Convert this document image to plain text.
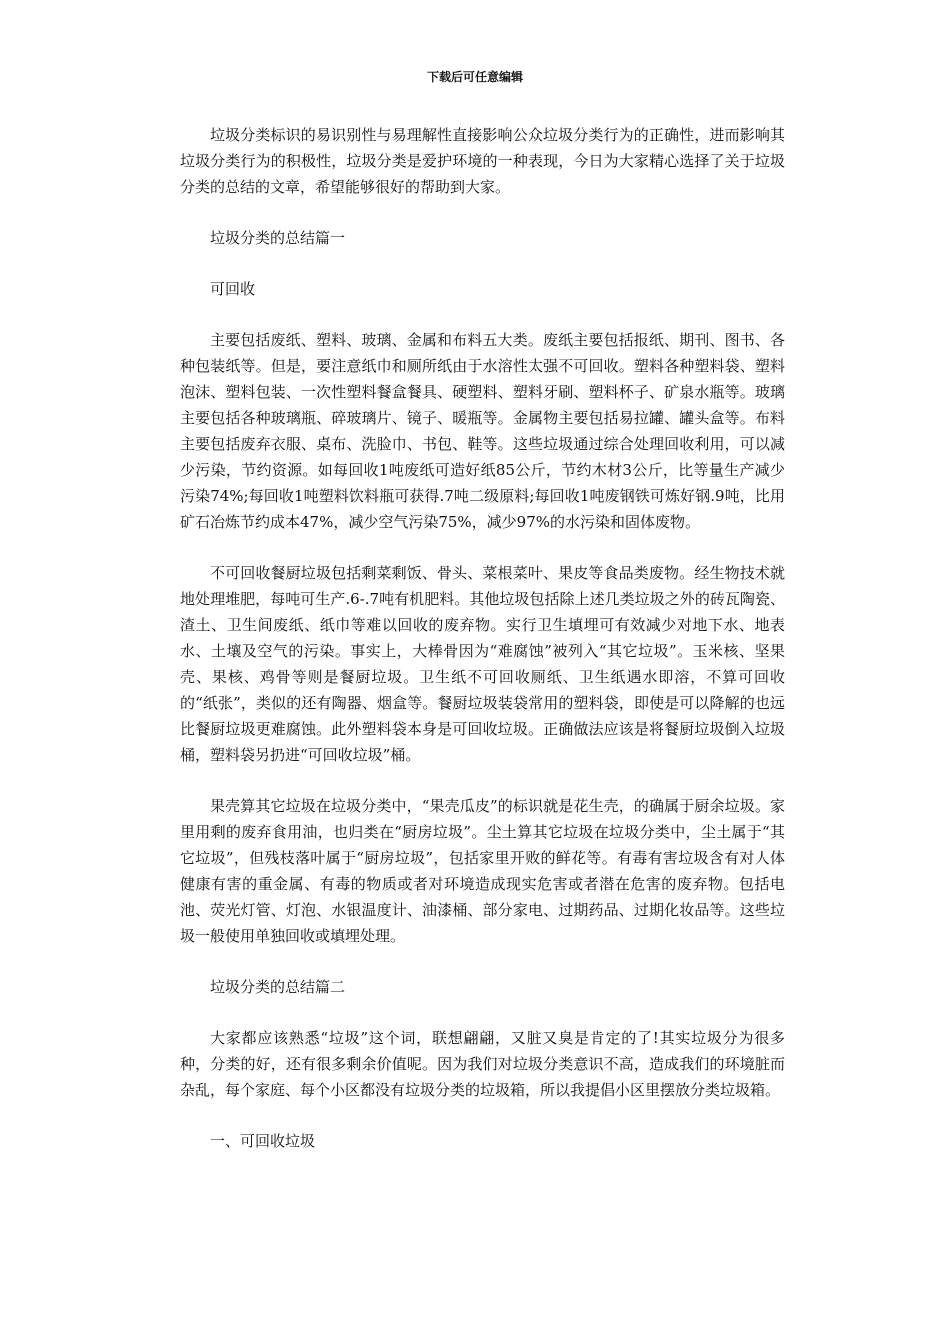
下载后可任意编辑

垃圾分类标识的易识别性与易理解性直接影响公众垃圾分类行为的正确性，进而影响其垃圾分类行为的积极性，垃圾分类是爱护环境的一种表现，今日为大家精心选择了关于垃圾分类的总结的文章，希望能够很好的帮助到大家。

垃圾分类的总结篇一

可回收

主要包括废纸、塑料、玻璃、金属和布料五大类。废纸主要包括报纸、期刊、图书、各种包装纸等。但是，要注意纸巾和厕所纸由于水溶性太强不可回收。塑料各种塑料袋、塑料泡沫、塑料包装、一次性塑料餐盒餐具、硬塑料、塑料牙刷、塑料杯子、矿泉水瓶等。玻璃主要包括各种玻璃瓶、碎玻璃片、镜子、暖瓶等。金属物主要包括易拉罐、罐头盒等。布料主要包括废弃衣服、桌布、洗脸巾、书包、鞋等。这些垃圾通过综合处理回收利用，可以减少污染，节约资源。如每回收1吨废纸可造好纸85公斤，节约木材3公斤，比等量生产减少污染74%;每回收1吨塑料饮料瓶可获得.7吨二级原料;每回收1吨废钢铁可炼好钢.9吨，比用矿石冶炼节约成本47%，减少空气污染75%，减少97%的水污染和固体废物。

不可回收餐厨垃圾包括剩菜剩饭、骨头、菜根菜叶、果皮等食品类废物。经生物技术就地处理堆肥，每吨可生产.6-.7吨有机肥料。其他垃圾包括除上述几类垃圾之外的砖瓦陶瓷、渣土、卫生间废纸、纸巾等难以回收的废弃物。实行卫生填埋可有效减少对地下水、地表水、土壤及空气的污染。事实上，大棒骨因为“难腐蚀”被列入“其它垃圾”。玉米核、坚果壳、果核、鸡骨等则是餐厨垃圾。卫生纸不可回收厕纸、卫生纸遇水即溶，不算可回收的“纸张”，类似的还有陶器、烟盒等。餐厨垃圾装袋常用的塑料袋，即使是可以降解的也远比餐厨垃圾更难腐蚀。此外塑料袋本身是可回收垃圾。正确做法应该是将餐厨垃圾倒入垃圾桶，塑料袋另扔进“可回收垃圾”桶。

果壳算其它垃圾在垃圾分类中，“果壳瓜皮”的标识就是花生壳，的确属于厨余垃圾。家里用剩的废弃食用油，也归类在“厨房垃圾”。尘土算其它垃圾在垃圾分类中，尘土属于“其它垃圾”，但残枝落叶属于“厨房垃圾”，包括家里开败的鲜花等。有毒有害垃圾含有对人体健康有害的重金属、有毒的物质或者对环境造成现实危害或者潜在危害的废弃物。包括电池、荧光灯管、灯泡、水银温度计、油漆桶、部分家电、过期药品、过期化妆品等。这些垃圾一般使用单独回收或填埋处理。

垃圾分类的总结篇二

大家都应该熟悉“垃圾”这个词，联想翩翩，又脏又臭是肯定的了!其实垃圾分为很多种，分类的好，还有很多剩余价值呢。因为我们对垃圾分类意识不高，造成我们的环境脏而杂乱，每个家庭、每个小区都没有垃圾分类的垃圾箱，所以我提倡小区里摆放分类垃圾箱。

一、可回收垃圾
